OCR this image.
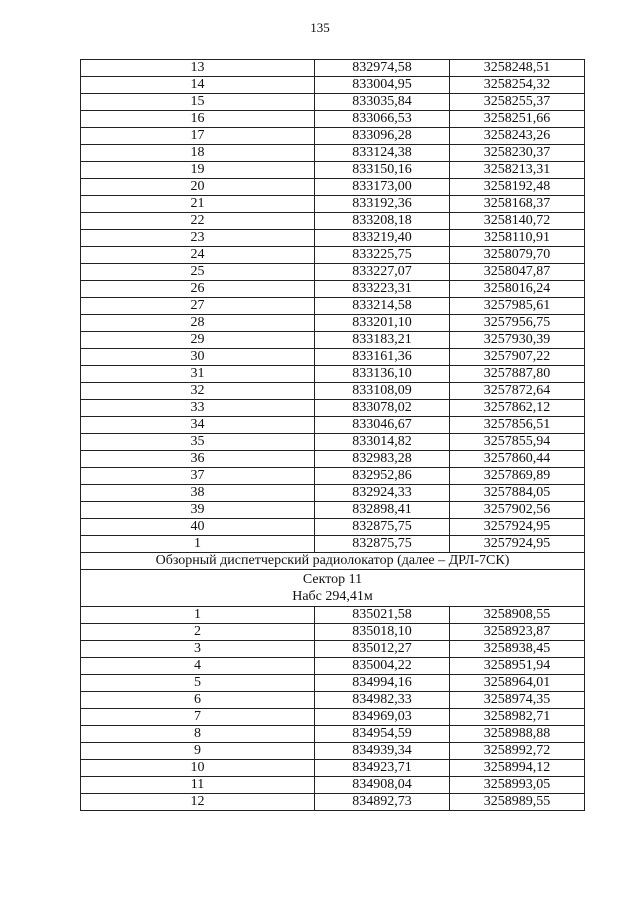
135
13	832974,58	3258248,51
14	833004,95	3258254,32
15	833035,84	3258255,37
16	833066,53	3258251,66
17	833096,28	3258243,26
18	833124,38	3258230,37
19	833150,16	3258213,31
20	833173,00	3258192,48
21	833192,36	3258168,37
22	833208,18	3258140,72
23	833219,40	3258110,91
24	833225,75	3258079,70
25	833227,07	3258047,87
26	833223,31	3258016,24
27	833214,58	3257985,61
28	833201,10	3257956,75
29	833183,21	3257930,39
30	833161,36	3257907,22
31	833136,10	3257887,80
32	833108,09	3257872,64
33	833078,02	3257862,12
34	833046,67	3257856,51
35	833014,82	3257855,94
36	832983,28	3257860,44
37	832952,86	3257869,89
38	832924,33	3257884,05
39	832898,41	3257902,56
40	832875,75	3257924,95
1	832875,75	3257924,95
Обзорный диспетчерский радиолокатор (далее – ДРЛ-7СК)		

Сектор 11
Набс 294,41м		

1	835021,58	3258908,55
2	835018,10	3258923,87
3	835012,27	3258938,45
4	835004,22	3258951,94
5	834994,16	3258964,01
6	834982,33	3258974,35
7	834969,03	3258982,71
8	834954,59	3258988,88
9	834939,34	3258992,72
10	834923,71	3258994,12
11	834908,04	3258993,05
12	834892,73	3258989,55
